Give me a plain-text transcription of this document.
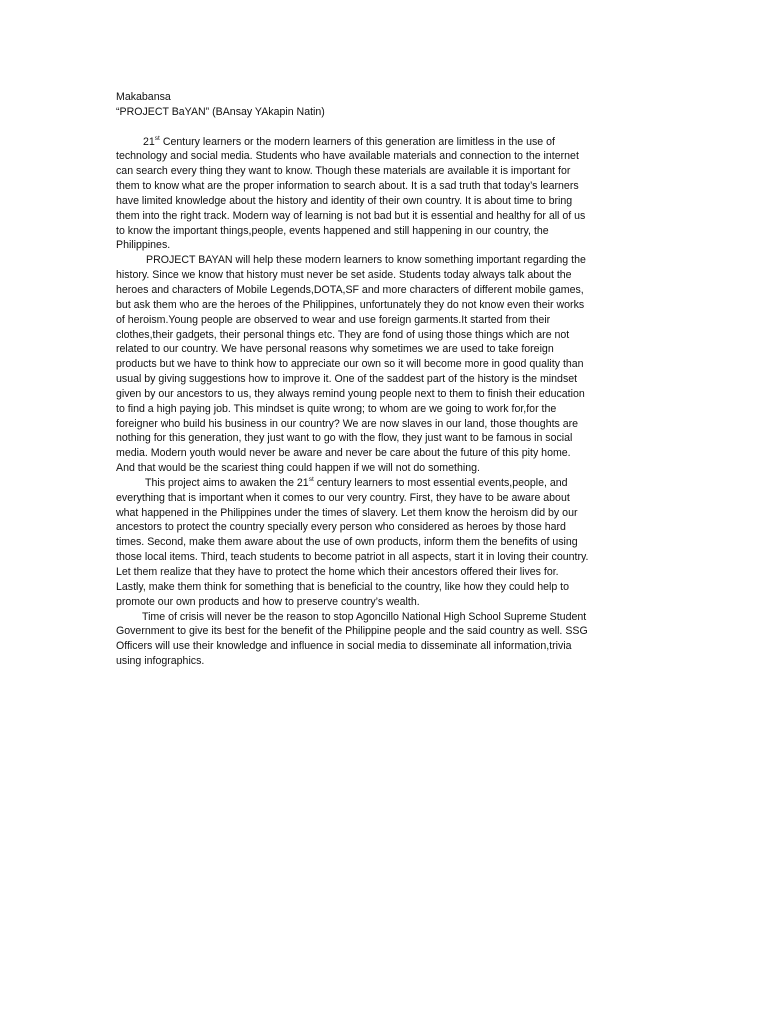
Makabansa

“PROJECT BaYAN” (BAnsay YAkapin Natin)

21st Century learners or the modern learners of this generation are limitless in the use of
technology and social media. Students who have available materials and connection to the internet
can search every thing they want to know. Though these materials are available it is important for
them to know what are the proper information to search about. It is a sad truth that today’s learners
have limited knowledge about the history and identity of their own country. It is about time to bring
them into the right track. Modern way of learning is not bad but it is essential and healthy for all of us
to know the important things,people, events happened and still happening in our country, the
Philippines.
PROJECT BAYAN will help these modern learners to know something important regarding the
history. Since we know that history must never be set aside. Students today always talk about the
heroes and characters of Mobile Legends,DOTA,SF and more characters of different mobile games,
but ask them who are the heroes of the Philippines, unfortunately they do not know even their works
of heroism.Young people are observed to wear and use foreign garments.It started from their
clothes,their gadgets, their personal things etc. They are fond of using those things which are not
related to our country. We have personal reasons why sometimes we are used to take foreign
products but we have to think how to appreciate our own so it will become more in good quality than
usual by giving suggestions how to improve it. One of the saddest part of the history is the mindset
given by our ancestors to us, they always remind young people next to them to finish their education
to find a high paying job. This mindset is quite wrong; to whom are we going to work for,for the
foreigner who build his business in our country? We are now slaves in our land, those thoughts are
nothing for this generation, they just want to go with the flow, they just want to be famous in social
media. Modern youth would never be aware and never be care about the future of this pity home.
And that would be the scariest thing could happen if we will not do something.
This project aims to awaken the 21st century learners to most essential events,people, and
everything that is important when it comes to our very country. First, they have to be aware about
what happened in the Philippines under the times of slavery. Let them know the heroism did by our
ancestors to protect the country specially every person who considered as heroes by those hard
times. Second, make them aware about the use of own products, inform them the benefits of using
those local items. Third, teach students to become patriot in all aspects, start it in loving their country.
Let them realize that they have to protect the home which their ancestors offered their lives for.
Lastly, make them think for something that is beneficial to the country, like how they could help to
promote our own products and how to preserve country’s wealth.
Time of crisis will never be the reason to stop Agoncillo National High School Supreme Student
Government to give its best for the benefit of the Philippine people and the said country as well. SSG
Officers will use their knowledge and influence in social media to disseminate all information,trivia
using infographics.
